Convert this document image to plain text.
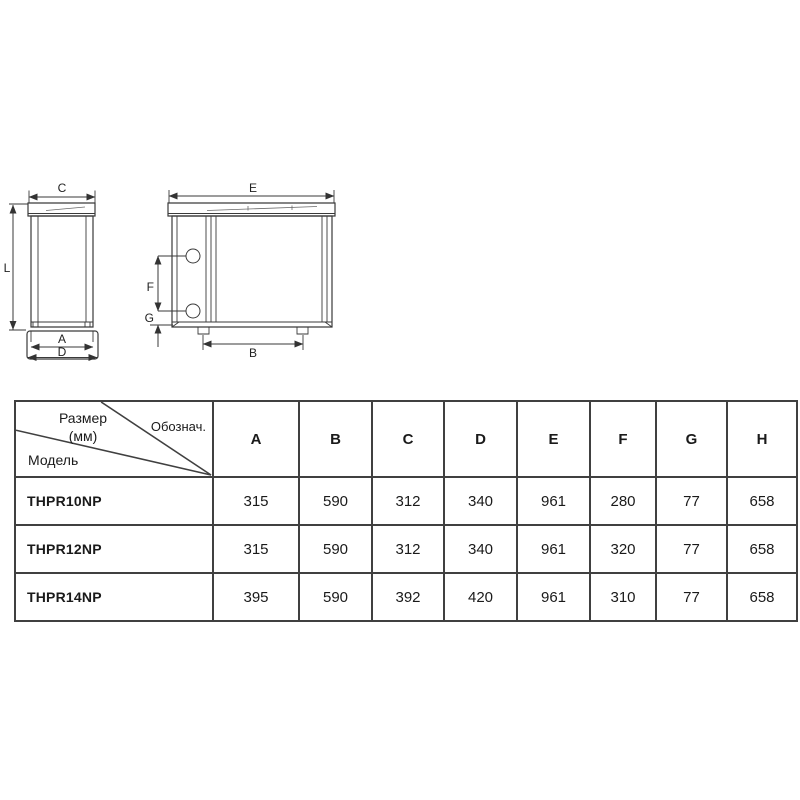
C	E
L
A
D
F
G
B
Размер
(мм)
Обознач.
Модель	A	B	C	D	E	F	G	H
THPR10NP	315	590	312	340	961	280	77	658
THPR12NP	315	590	312	340	961	320	77	658
THPR14NP	395	590	392	420	961	310	77	658
